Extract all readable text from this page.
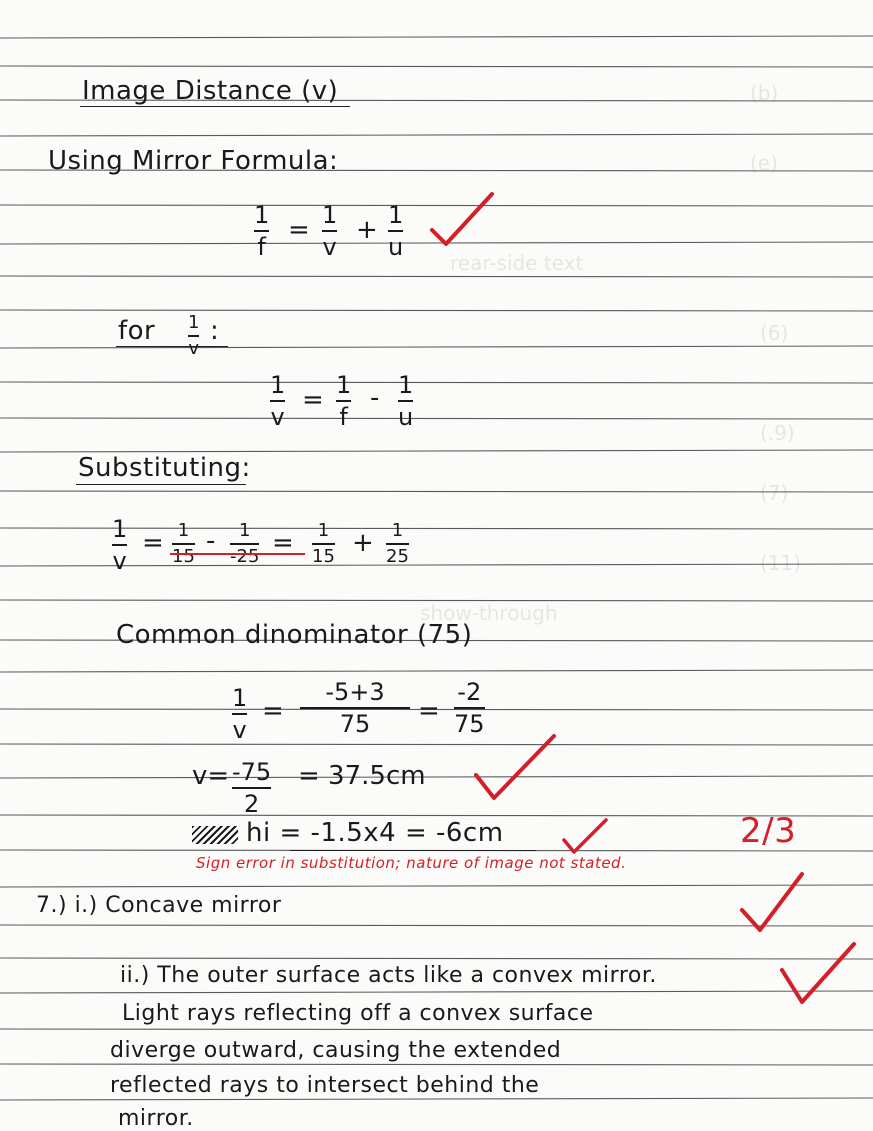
(b)
(e)
rear-side text
(6)
(.9)
(7)
(11)
show-through
Image Distance (v)
Using Mirror Formula:
1
f
= 1
v
+ 1
u
for 1
v
:
1
v
= 1
f
- 1
u
Substituting:
1
v
= 1
15
- 1
-25 = 1
15 + 1
25
Common dinominator (75)
1
v
=
-5+3
75 =
-2
75
v= -75
2
= 37.5cm
hi = -1.5x4 = -6cm	2/3
Sign error in substitution; nature of image not stated.
7.) i.) Concave mirror
ii.) The outer surface acts like a convex mirror.
Light rays reflecting off a convex surface
diverge outward, causing the extended
reflected rays to intersect behind the
mirror.
